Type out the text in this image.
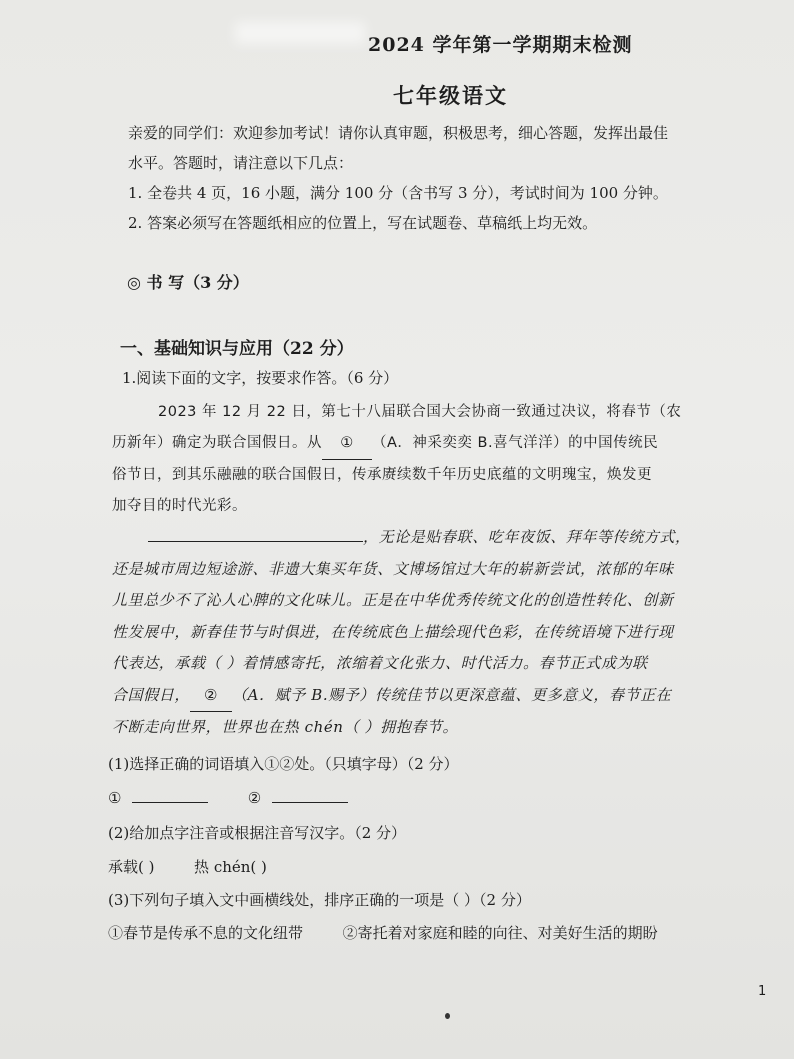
2024 学年第一学期期末检测
七年级语文

亲爱的同学们：欢迎参加考试！请你认真审题，积极思考，细心答题，发挥出最佳

水平。答题时，请注意以下几点：

1. 全卷共 4 页，16 小题，满分 100 分（含书写 3 分），考试时间为 100 分钟。

2. 答案必须写在答题纸相应的位置上，写在试题卷、草稿纸上均无效。

◎ 书 写（3 分）
一、基础知识与应用（22 分）
1.阅读下面的文字，按要求作答。（6 分）

2023 年 12 月 22 日，第七十八届联合国大会协商一致通过决议，将春节（农

历新年）确定为联合国假日。从 ① （A．神采奕奕 B.喜气洋洋）的中国传统民

俗节日，到其乐融融的联合国假日，传承赓续数千年历史底蕴的文明瑰宝，焕发更

加夺目的时代光彩。

，无论是贴春联、吃年夜饭、拜年等传统方式，

还是城市周边短途游、非遗大集买年货、文博场馆过大年的崭新尝试，浓郁的年味

儿里总少不了沁人心脾的文化味儿。正是在中华优秀传统文化的创造性转化、创新

性发展中，新春佳节与时俱进，在传统底色上描绘现代色彩，在传统语境下进行现

代表达，承载（ ）着情感寄托，浓缩着文化张力、时代活力。春节正式成为联

合国假日， ② （A．赋予 B.赐予）传统佳节以更深意蕴、更多意义，春节正在

不断走向世界，世界也在热 chén（ ）拥抱春节。

(1)选择正确的词语填入①②处。（只填字母）（2 分）
①	②
(2)给加点字注音或根据注音写汉字。（2 分）
承载( )	热 chén( )
(3)下列句子填入文中画横线处，排序正确的一项是（ ）（2 分）
①春节是传承不息的文化纽带	②寄托着对家庭和睦的向往、对美好生活的期盼
1
